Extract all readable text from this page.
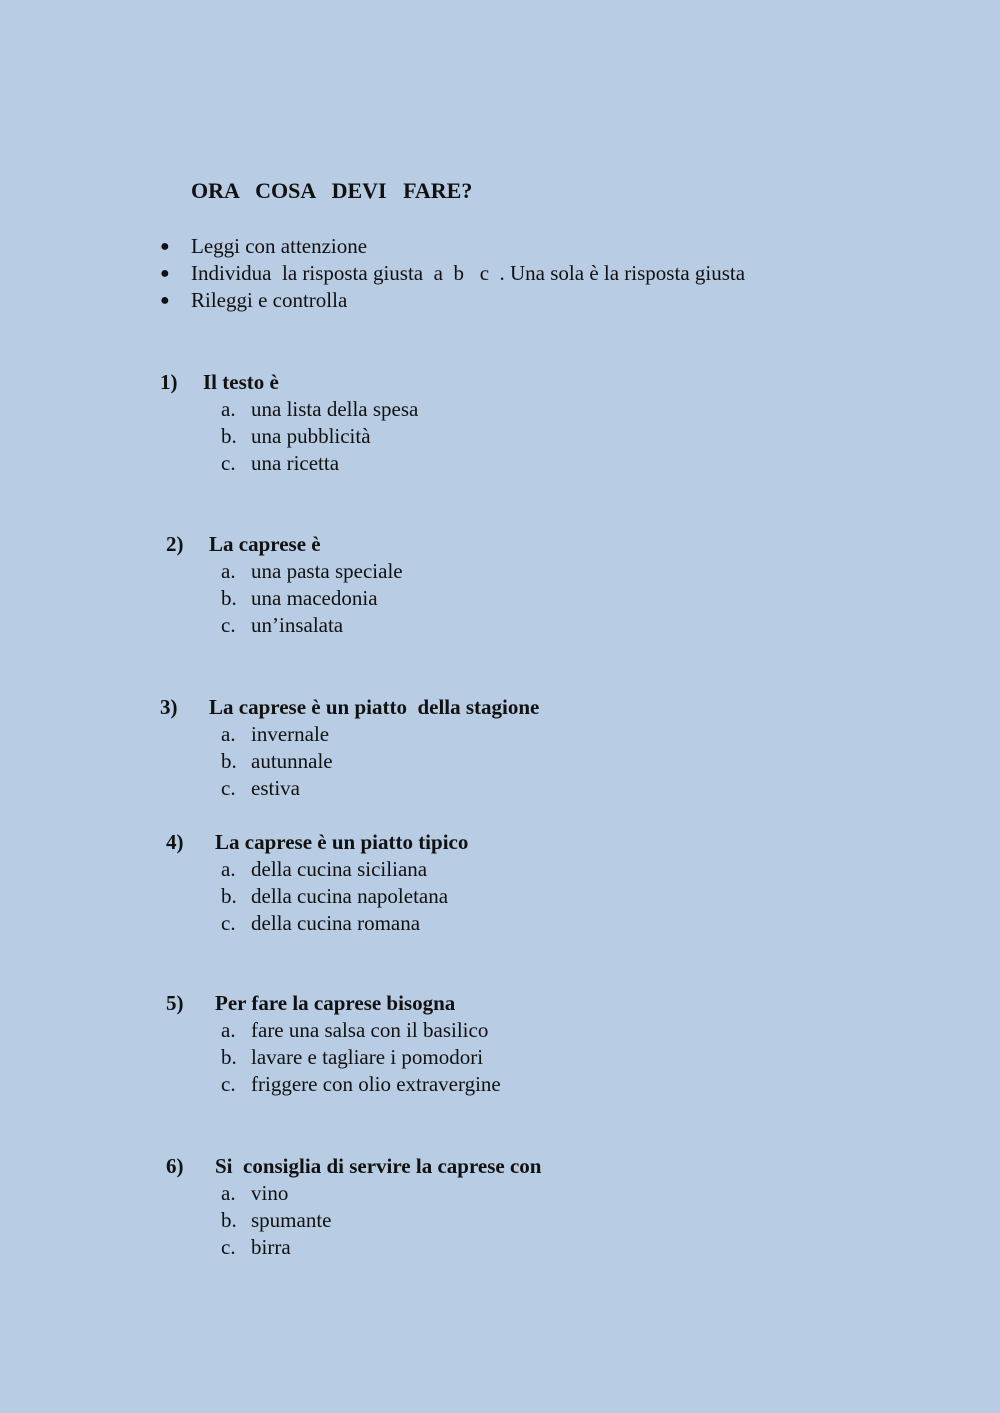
ORA   COSA   DEVI   FARE?
● Leggi con attenzione
● Individua  la risposta giusta  a  b   c  . Una sola è la risposta giusta
● Rileggi e controlla
1) Il testo è
a. una lista della spesa

b. una pubblicità

c. una ricetta

2) La caprese è
a. una pasta speciale

b. una macedonia

c. un’insalata

3) La caprese è un piatto  della stagione
a. invernale

b. autunnale

c. estiva

4) La caprese è un piatto tipico
a. della cucina siciliana

b. della cucina napoletana

c. della cucina romana

5) Per fare la caprese bisogna
a. fare una salsa con il basilico

b. lavare e tagliare i pomodori

c. friggere con olio extravergine

6) Si  consiglia di servire la caprese con
a. vino

b. spumante

c. birra
